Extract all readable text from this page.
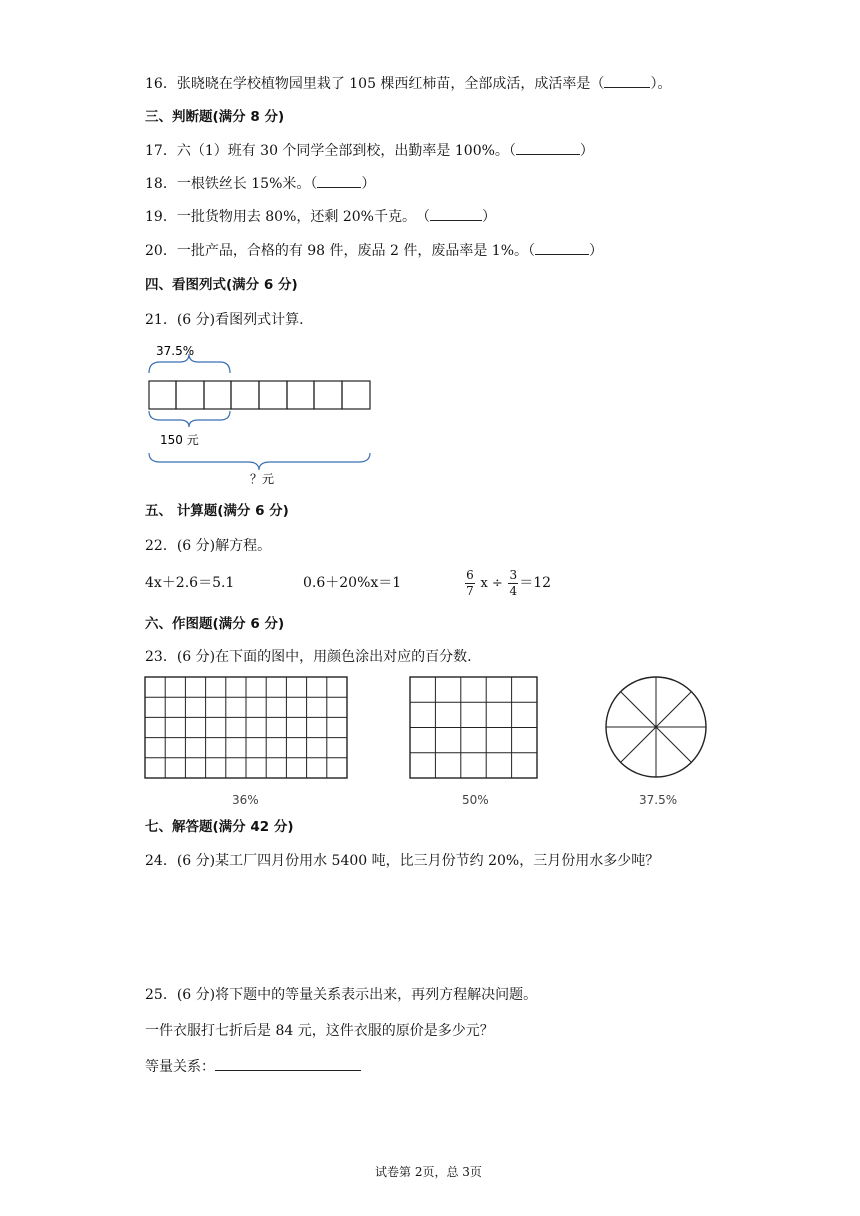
16．张晓晓在学校植物园里栽了 105 棵西红柿苗，全部成活，成活率是（	）。
三、判断题(满分 8 分)
17．六（1）班有 30 个同学全部到校，出勤率是 100%。（	）
18．一根铁丝长 15%米。（	）
19．一批货物用去 80%，还剩 20%千克。　（	）
20．一批产品，合格的有 98 件，废品 2 件，废品率是 1%。（	）
四、看图列式(满分 6 分)
21．(6 分)看图列式计算.
37.5%
150 元
？元
五、 计算题(满分 6 分)
22．(6 分)解方程。
4x＋2.6＝5.1	0.6＋20%x＝1	$\frac{6}{7}$ $x \div \frac{3}{4} =12$
六、作图题(满分 6 分)
23．(6 分)在下面的图中，用颜色涂出对应的百分数.
36%	50%	37.5%
七、解答题(满分 42 分)
24．(6 分)某工厂四月份用水 5400 吨，比三月份节约 20%，三月份用水多少吨？
25．(6 分)将下题中的等量关系表示出来，再列方程解决问题。
一件衣服打七折后是 84 元，这件衣服的原价是多少元？
等量关系：
试卷第 2页，总 3页
